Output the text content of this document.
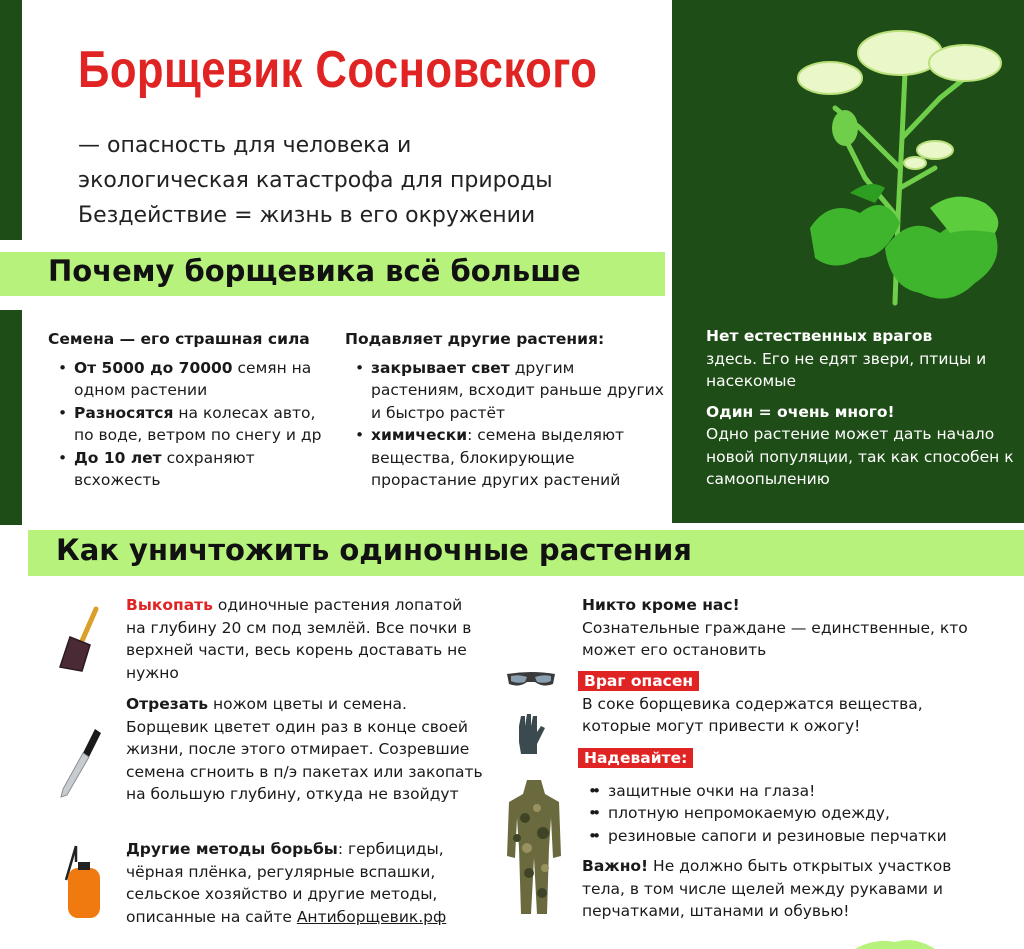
Борщевик Сосновского
— опасность для человека и
экологическая катастрофа для природы
Бездействие = жизнь в его окружении
Почему борщевика всё больше
Семена — его страшная сила
• От 5000 до 70000 семян на одном растении
• Разносятся на колесах авто, по воде, ветром по снегу и др
• До 10 лет сохраняют всхожесть
Подавляет другие растения:
• закрывает свет другим растениям, всходит раньше других и быстро растёт
• химически: семена выделяют вещества, блокирующие прорастание других растений
Нет естественных врагов
здесь. Его не едят звери, птицы и насекомые
Один = очень много!
Одно растение может дать начало новой популяции, так как способен к самоопылению
Как уничтожить одиночные растения
Выкопать одиночные растения лопатой на глубину 20 см под землёй. Все почки в верхней части, весь корень доставать не нужно
Отрезать ножом цветы и семена. Борщевик цветет один раз в конце своей жизни, после этого отмирает. Созревшие семена сгноить в п/э пакетах или закопать на большую глубину, откуда не взойдут
Другие методы борьбы: гербициды, чёрная плёнка, регулярные вспашки, сельское хозяйство и другие методы, описанные на сайте Антиборщевик.рф
Никто кроме нас!
Сознательные граждане — единственные, кто может его остановить
Враг опасен
В соке борщевика содержатся вещества, которые могут привести к ожогу!
Надевайте:
• • защитные очки на глаза!
• • плотную непромокаемую одежду,
• • резиновые сапоги и резиновые перчатки
Важно! Не должно быть открытых участков тела, в том числе щелей между рукавами и перчатками, штанами и обувью!
